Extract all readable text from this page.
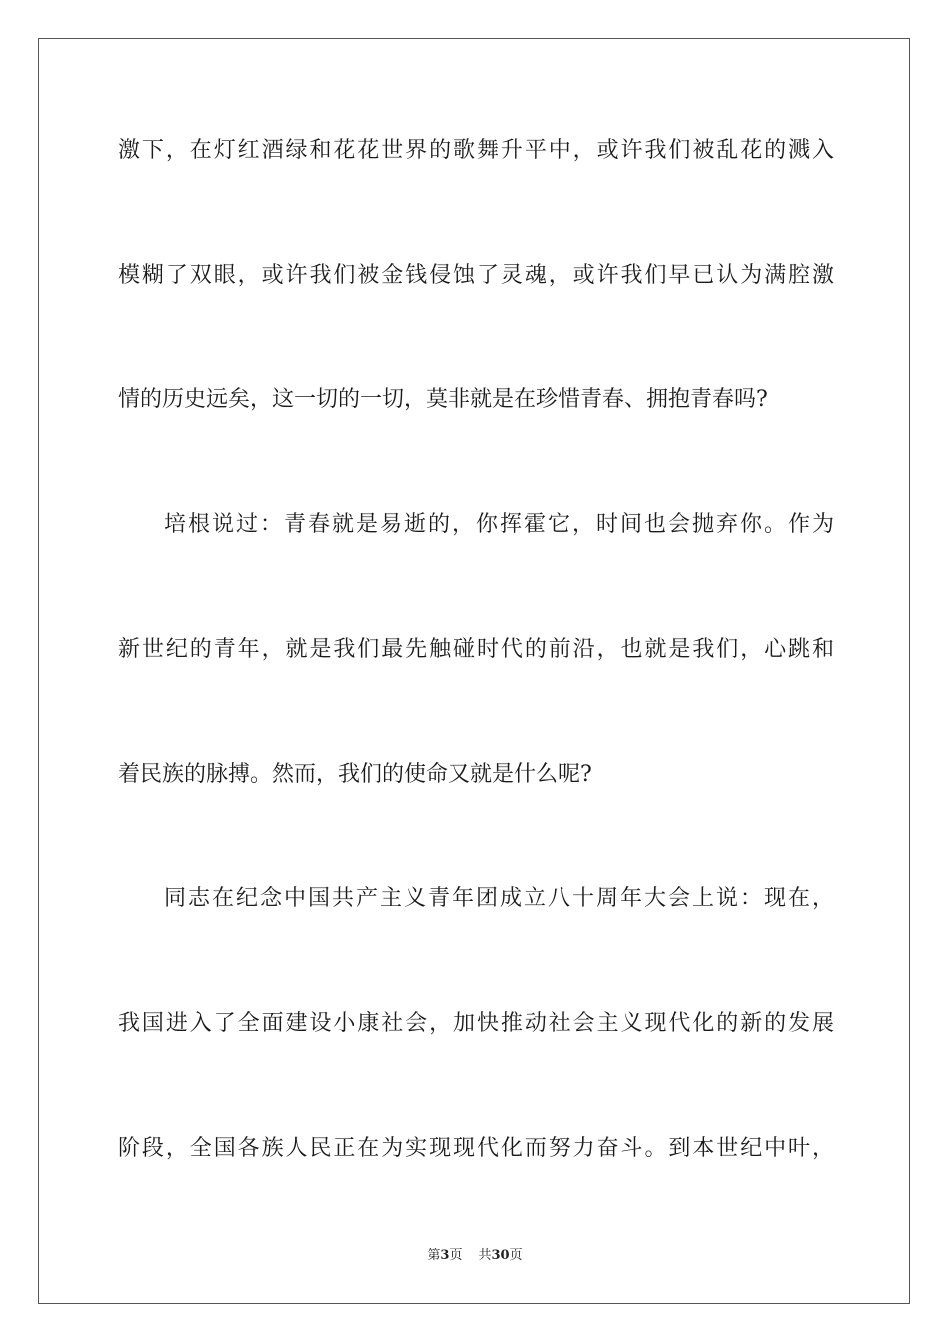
激下，在灯红酒绿和花花世界的歌舞升平中，或许我们被乱花的溅入
模糊了双眼，或许我们被金钱侵蚀了灵魂，或许我们早已认为满腔激
情的历史远矣，这一切的一切，莫非就是在珍惜青春、拥抱青春吗?
培根说过：青春就是易逝的，你挥霍它，时间也会抛弃你。作为
新世纪的青年，就是我们最先触碰时代的前沿，也就是我们，心跳和
着民族的脉搏。然而，我们的使命又就是什么呢?
同志在纪念中国共产主义青年团成立八十周年大会上说：现在，
我国进入了全面建设小康社会，加快推动社会主义现代化的新的发展
阶段，全国各族人民正在为实现现代化而努力奋斗。到本世纪中叶，
第3页 共30页
